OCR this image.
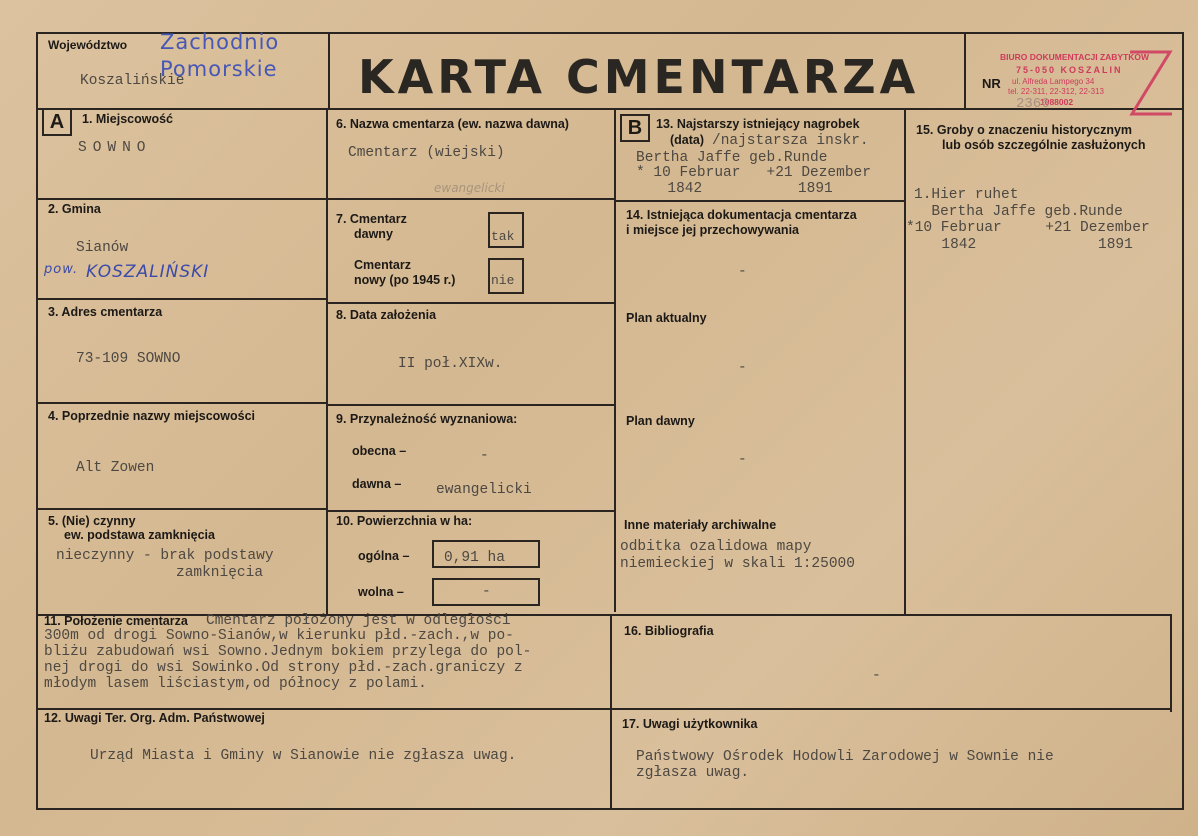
Województwo Zachodnio
Pomorskie
Koszalińskie	KARTA CMENTARZA	NR
BIURO DOKUMENTACJI ZABYTKÓW
75-050 KOSZALIN
ul. Alfreda Lampego 34
tel. 22-311, 22-312, 22-313
1088002
2366
A	B
1. Miejscowość
SOWNO
2. Gmina
Sianów
pow. KOSZALIŃSKI
3. Adres cmentarza
73-109 SOWNO
4. Poprzednie nazwy miejscowości
Alt Zowen
5. (Nie) czynny
ew. podstawa zamknięcia
nieczynny - brak podstawy
zamknięcia
6. Nazwa cmentarza (ew. nazwa dawna)
Cmentarz (wiejski)
ewangelicki
7. Cmentarz
dawny	tak
Cmentarz
nowy (po 1945 r.)	nie
8. Data założenia
II poł.XIXw.
9. Przynależność wyznaniowa:
obecna –	-
dawna – ewangelicki
10. Powierzchnia w ha:
ogólna – 0,91 ha
wolna –	-
13. Najstarszy istniejący nagrobek
(data) /najstarsza inskr.
Bertha Jaffe geb.Runde
* 10 Februar   +21 Dezember
1842           1891
14. Istniejąca dokumentacja cmentarza
i miejsce jej przechowywania
-
Plan aktualny
-
Plan dawny
-
Inne materiały archiwalne
odbitka ozalidowa mapy
niemieckiej w skali 1:25000
15. Groby o znaczeniu historycznym
lub osób szczególnie zasłużonych
1.Hier ruhet
Bertha Jaffe geb.Runde
*10 Februar     +21 Dezember
1842              1891
11. Położenie cmentarza Cmentarz położony jest w odległości
300m od drogi Sowno-Sianów,w kierunku płd.-zach.,w po-
bliżu zabudowań wsi Sowno.Jednym bokiem przylega do pol-
nej drogi do wsi Sowinko.Od strony płd.-zach.graniczy z
młodym lasem liściastym,od północy z polami.
16. Bibliografia
-
12. Uwagi Ter. Org. Adm. Państwowej
Urząd Miasta i Gminy w Sianowie nie zgłasza uwag.
17. Uwagi użytkownika
Państwowy Ośrodek Hodowli Zarodowej w Sownie nie
zgłasza uwag.
